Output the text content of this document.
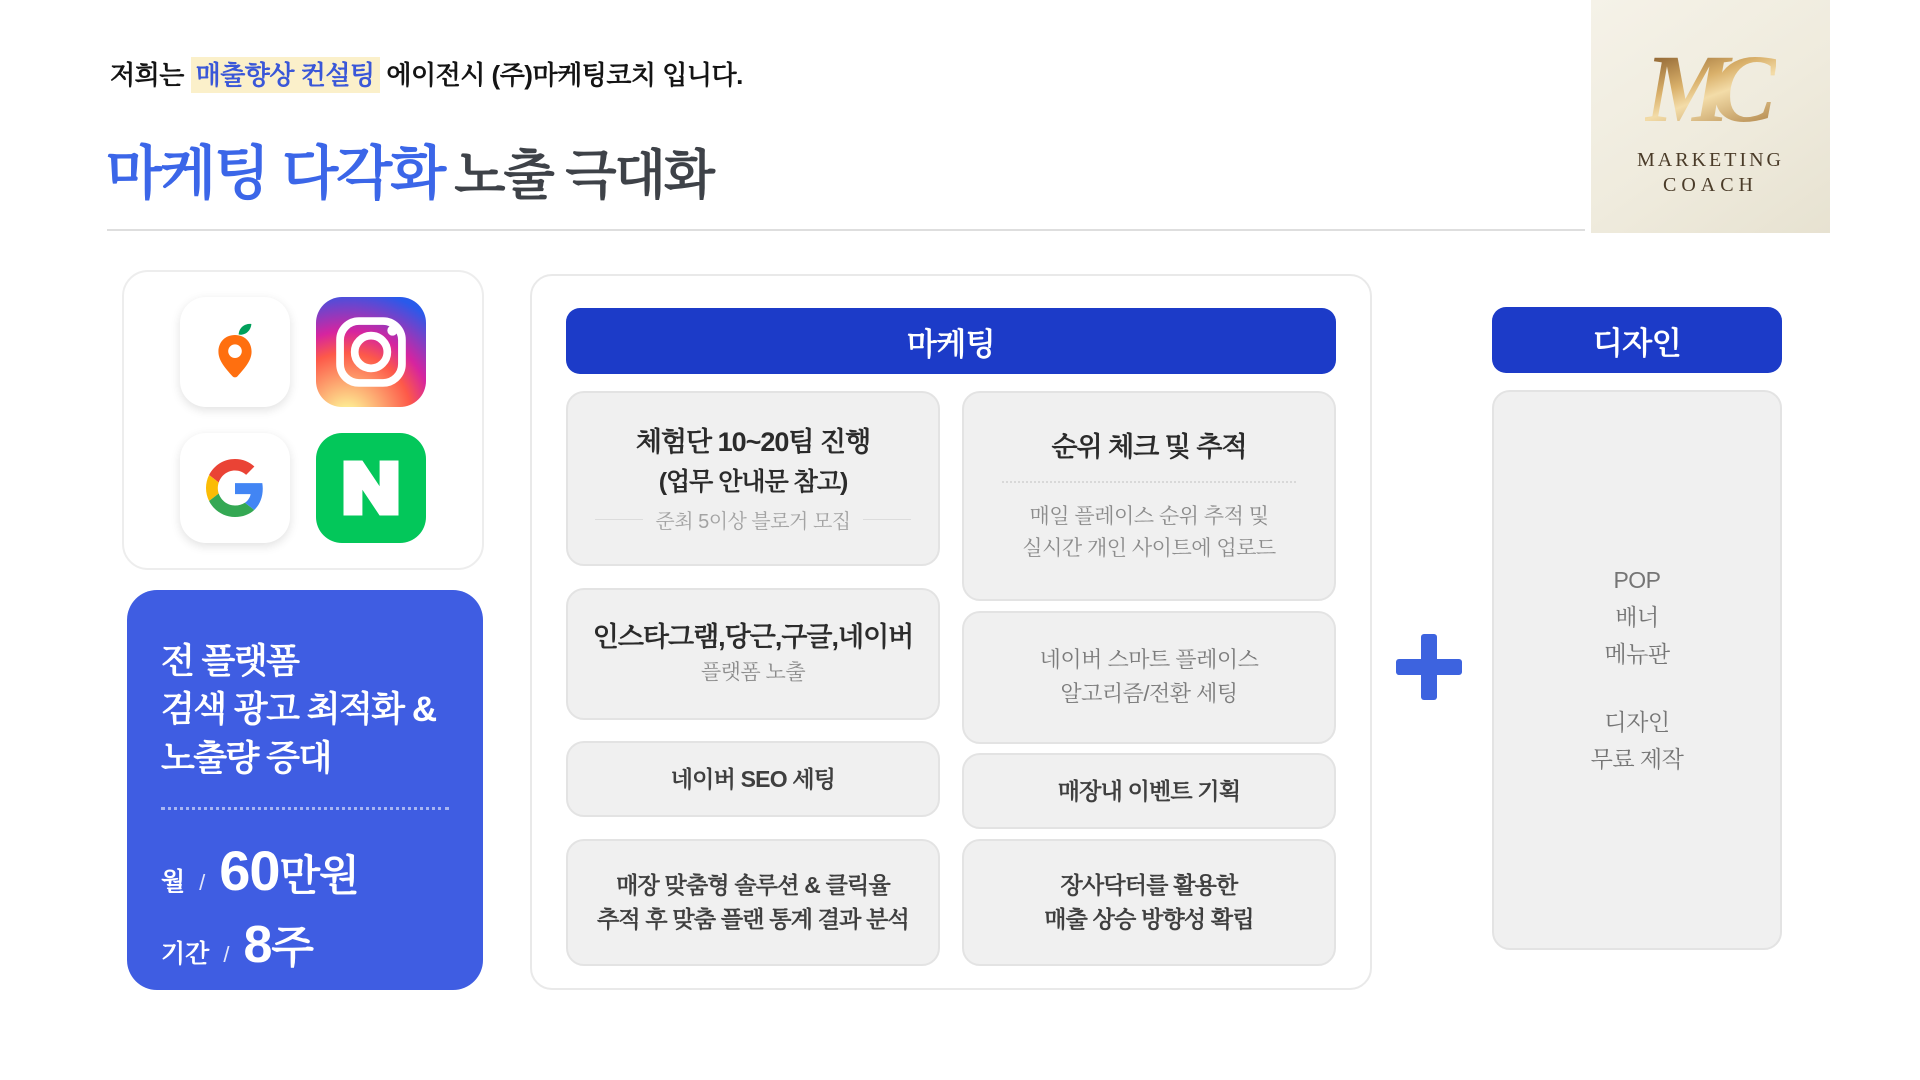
저희는 매출향상 컨설팅 에이전시 (주)마케팅코치 입니다.
마케팅 다각화 노출 극대화
MC
MARKETING
COACH
전 플랫폼
검색 광고 최적화 &
노출량 증대
월 / 60만원
기간 / 8주
마케팅
체험단 10~20팀 진행
(업무 안내문 참고)
준최 5이상 블로거 모집
인스타그램,당근,구글,네이버
플랫폼 노출
네이버 SEO 세팅
매장 맞춤형 솔루션 & 클릭율
추적 후 맞춤 플랜 통계 결과 분석
순위 체크 및 추적
매일 플레이스 순위 추적 및
실시간 개인 사이트에 업로드
네이버 스마트 플레이스
알고리즘/전환 세팅
매장내 이벤트 기획
장사닥터를 활용한
매출 상승 방향성 확립
디자인
POP
배너
메뉴판
디자인
무료 제작
